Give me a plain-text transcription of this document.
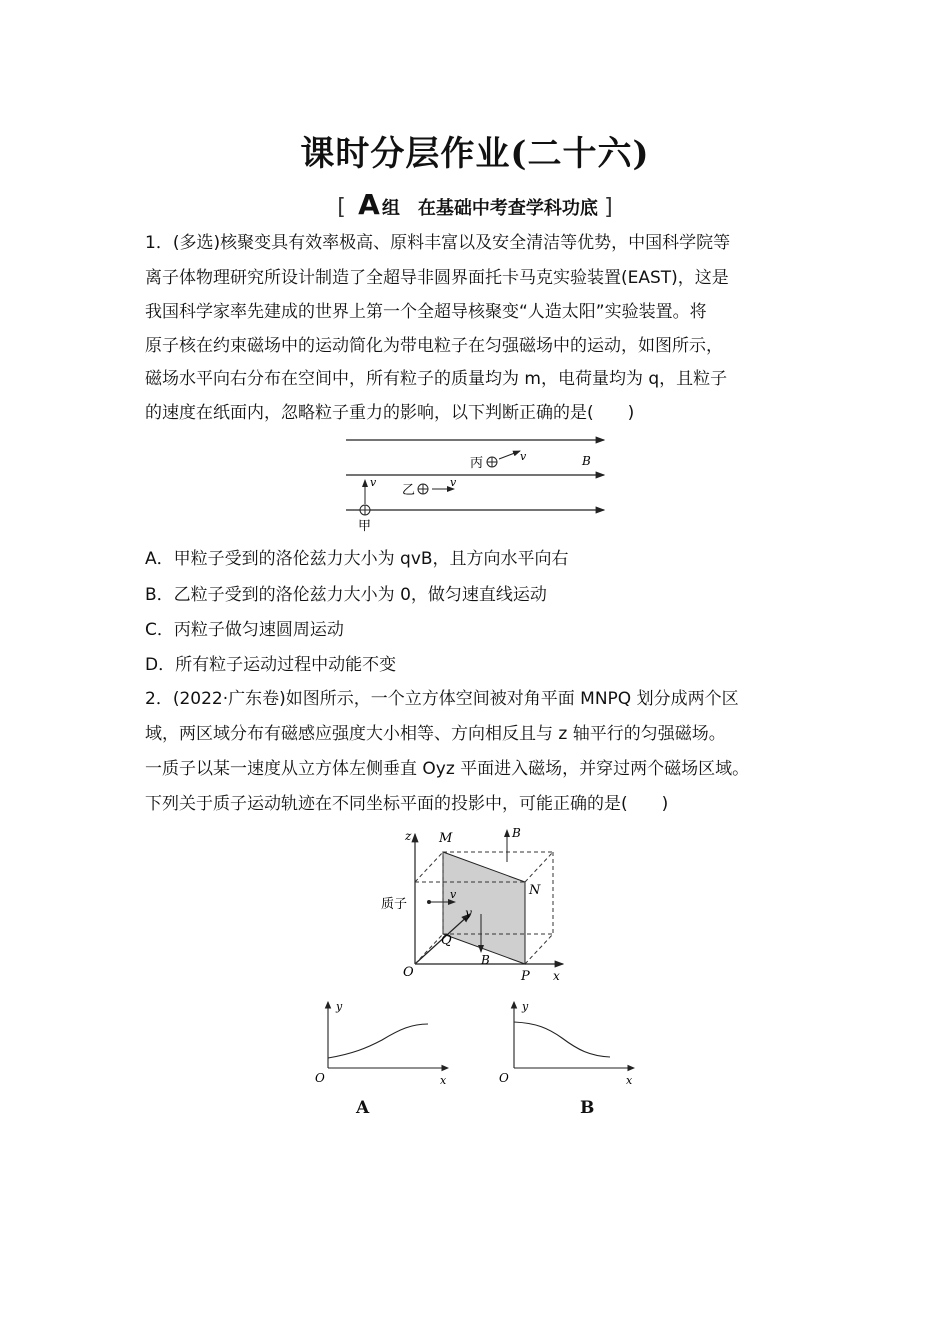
课时分层作业(二十六)
[ A 组　在基础中考查学科功底 ]
1．(多选)核聚变具有效率极高、原料丰富以及安全清洁等优势，中国科学院等
离子体物理研究所设计制造了全超导非圆界面托卡马克实验装置(EAST)，这是
我国科学家率先建成的世界上第一个全超导核聚变“人造太阳”实验装置。将
原子核在约束磁场中的运动简化为带电粒子在匀强磁场中的运动，如图所示，
磁场水平向右分布在空间中，所有粒子的质量均为 m，电荷量均为 q，且粒子
的速度在纸面内，忽略粒子重力的影响，以下判断正确的是(　　)
丙	v	B
乙
v
v
甲
A．甲粒子受到的洛伦兹力大小为 qvB，且方向水平向右
B．乙粒子受到的洛伦兹力大小为 0，做匀速直线运动
C．丙粒子做匀速圆周运动
D．所有粒子运动过程中动能不变
2．(2022·广东卷)如图所示，一个立方体空间被对角平面 MNPQ 划分成两个区
域，两区域分布有磁感应强度大小相等、方向相反且与 z 轴平行的匀强磁场。
一质子以某一速度从立方体左侧垂直 Oyz 平面进入磁场，并穿过两个磁场区域。
下列关于质子运动轨迹在不同坐标平面的投影中，可能正确的是(　　)
z M	B
N
质子
v
y
Q
B
O	P x
y
x
O
A
y
x
O
B
